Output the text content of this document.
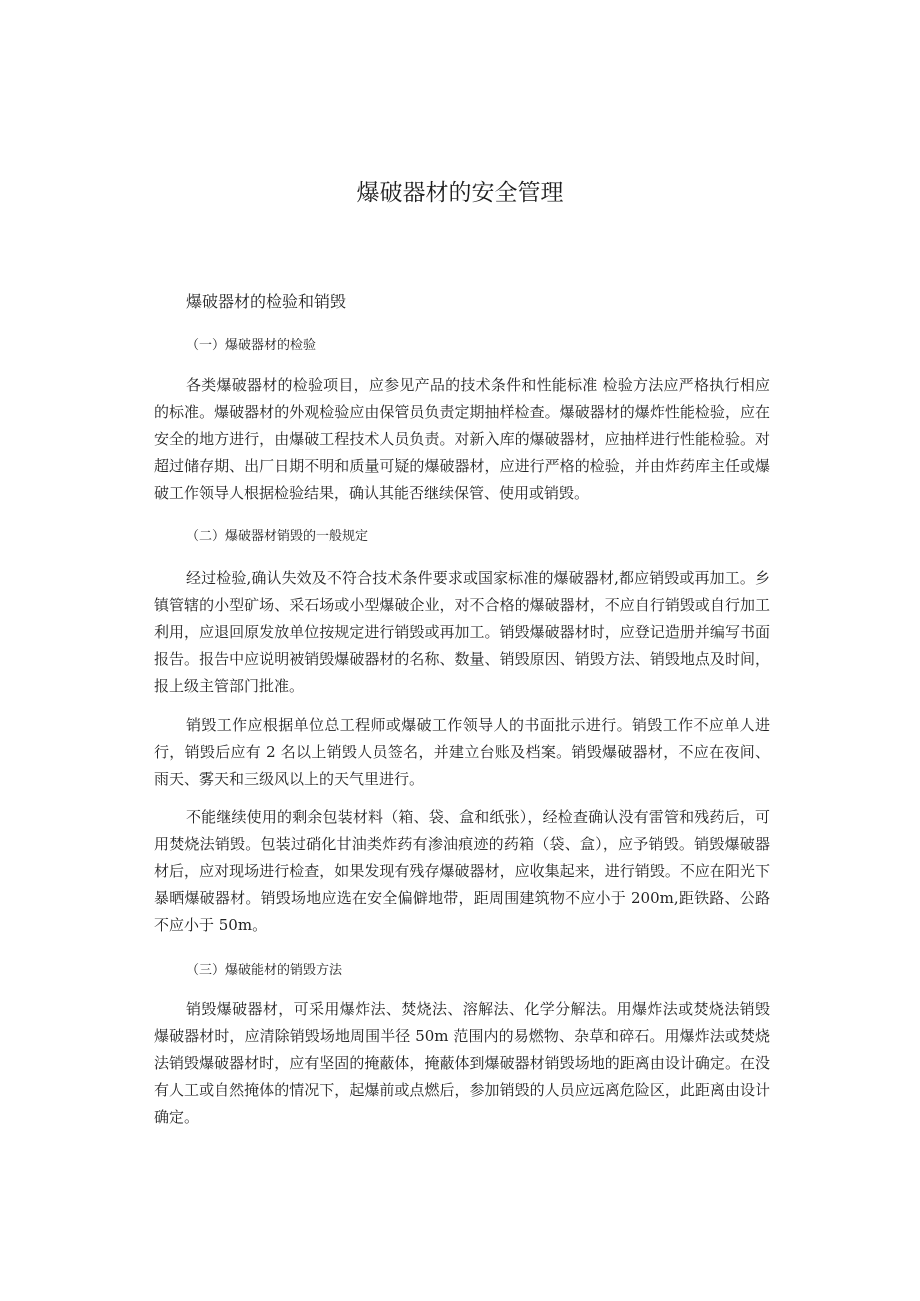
爆破器材的安全管理
爆破器材的检验和销毁
（一）爆破器材的检验

各类爆破器材的检验项目，应参见产品的技术条件和性能标准 检验方法应严格执行相应的标准。爆破器材的外观检验应由保管员负责定期抽样检查。爆破器材的爆炸性能检验，应在安全的地方进行，由爆破工程技术人员负责。对新入库的爆破器材，应抽样进行性能检验。对超过储存期、出厂日期不明和质量可疑的爆破器材，应进行严格的检验，并由炸药库主任或爆破工作领导人根据检验结果，确认其能否继续保管、使用或销毁。

（二）爆破器材销毁的一般规定

经过检验,确认失效及不符合技术条件要求或国家标准的爆破器材,都应销毁或再加工。乡镇管辖的小型矿场、采石场或小型爆破企业，对不合格的爆破器材，不应自行销毁或自行加工利用，应退回原发放单位按规定进行销毁或再加工。销毁爆破器材时，应登记造册并编写书面报告。报告中应说明被销毁爆破器材的名称、数量、销毁原因、销毁方法、销毁地点及时间，报上级主管部门批准。

销毁工作应根据单位总工程师或爆破工作领导人的书面批示进行。销毁工作不应单人进行，销毁后应有 2 名以上销毁人员签名，并建立台账及档案。销毁爆破器材，不应在夜间、雨天、雾天和三级风以上的天气里进行。

不能继续使用的剩余包装材料（箱、袋、盒和纸张），经检查确认没有雷管和残药后，可用焚烧法销毁。包装过硝化甘油类炸药有渗油痕迹的药箱（袋、盒），应予销毁。销毁爆破器材后，应对现场进行检查，如果发现有残存爆破器材，应收集起来，进行销毁。不应在阳光下暴晒爆破器材。销毁场地应选在安全偏僻地带，距周围建筑物不应小于 200m,距铁路、公路不应小于 50m。

（三）爆破能材的销毁方法

销毁爆破器材，可采用爆炸法、焚烧法、溶解法、化学分解法。用爆炸法或焚烧法销毁爆破器材时，应清除销毁场地周围半径 50m 范围内的易燃物、杂草和碎石。用爆炸法或焚烧法销毁爆破器材时，应有坚固的掩蔽体，掩蔽体到爆破器材销毁场地的距离由设计确定。在没有人工或自然掩体的情况下，起爆前或点燃后，参加销毁的人员应远离危险区，此距离由设计确定。
